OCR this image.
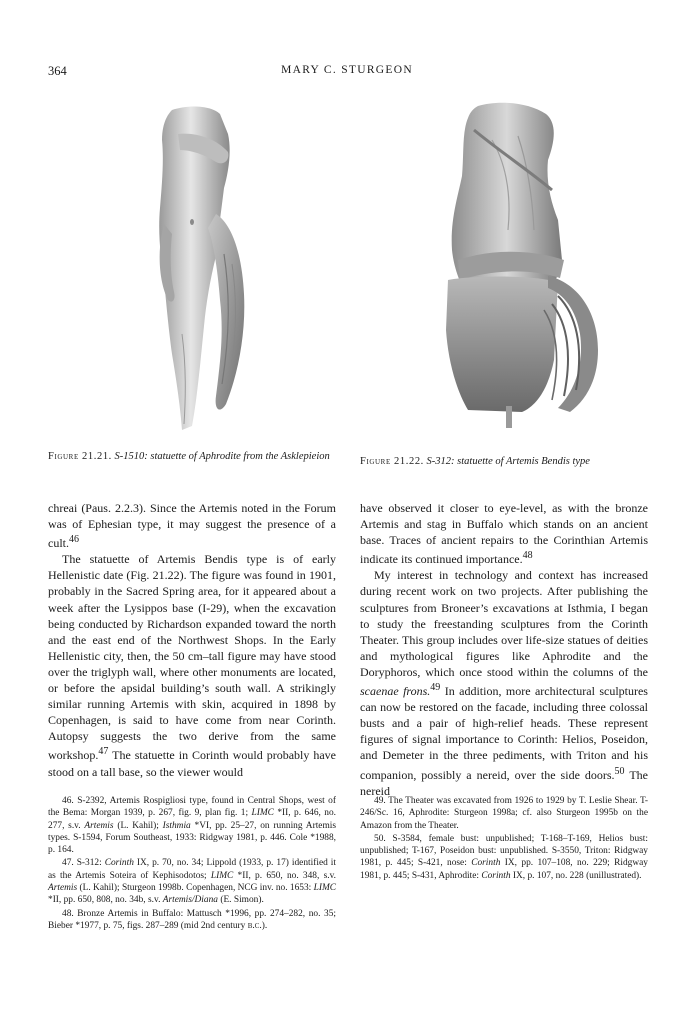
364	MARY C. STURGEON
Figure 21.21. S-1510: statuette of Aphrodite from the Asklepieion	Figure 21.22. S-312: statuette of Artemis Bendis type

chreai (Paus. 2.2.3). Since the Artemis noted in the Forum was of Ephesian type, it may suggest the presence of a cult.$^{46}$

The statuette of Artemis Bendis type is of early Hellenistic date (Fig. 21.22). The figure was found in 1901, probably in the Sacred Spring area, for it appeared about a week after the Lysippos base (I-29), when the excavation being conducted by Richardson expanded toward the north and the east end of the Northwest Shops. In the Early Hellenistic city, then, the 50 cm–tall figure may have stood over the triglyph wall, where other monuments are located, or before the apsidal building’s south wall. A strikingly similar running Artemis with skin, acquired in 1898 by Copenhagen, is said to have come from near Corinth. Autopsy suggests the two derive from the same workshop.$^{47}$ The statuette in Corinth would probably have stood on a tall base, so the viewer would

have observed it closer to eye-level, as with the bronze Artemis and stag in Buffalo which stands on an ancient base. Traces of ancient repairs to the Corinthian Artemis indicate its continued importance.$^{48}$

My interest in technology and context has increased during recent work on two projects. After publishing the sculptures from Broneer’s excavations at Isthmia, I began to study the freestanding sculptures from the Corinth Theater. This group includes over life-size statues of deities and mythological figures like Aphrodite and the Doryphoros, which once stood within the columns of the scaenae frons.$^{49}$ In addition, more architectural sculptures can now be restored on the facade, including three colossal busts and a pair of high-relief heads. These represent figures of signal importance to Corinth: Helios, Poseidon, and Demeter in the three pediments, with Triton and his companion, possibly a nereid, over the side doors.$^{50}$ The nereid

46. S-2392, Artemis Rospigliosi type, found in Central Shops, west of the Bema: Morgan 1939, p. 267, fig. 9, plan fig. 1; LIMC *II, p. 646, no. 277, s.v. Artemis (L. Kahil); Isthmia *VI, pp. 25–27, on running Artemis types. S-1594, Forum Southeast, 1933: Ridgway 1981, p. 446. Cole *1988, p. 164.

47. S-312: Corinth IX, p. 70, no. 34; Lippold (1933, p. 17) identified it as the Artemis Soteira of Kephisodotos; LIMC *II, p. 650, no. 348, s.v. Artemis (L. Kahil); Sturgeon 1998b. Copenhagen, NCG inv. no. 1653: LIMC *II, pp. 650, 808, no. 34b, s.v. Artemis/Diana (E. Simon).

48. Bronze Artemis in Buffalo: Mattusch *1996, pp. 274–282, no. 35; Bieber *1977, p. 75, figs. 287–289 (mid 2nd century b.c.).

49. The Theater was excavated from 1926 to 1929 by T. Leslie Shear. T-246/Sc. 16, Aphrodite: Sturgeon 1998a; cf. also Sturgeon 1995b on the Amazon from the Theater.

50. S-3584, female bust: unpublished; T-168–T-169, Helios bust: unpublished; T-167, Poseidon bust: unpublished. S-3550, Triton: Ridgway 1981, p. 445; S-421, nose: Corinth IX, pp. 107–108, no. 229; Ridgway 1981, p. 445; S-431, Aphrodite: Corinth IX, p. 107, no. 228 (unillustrated).
